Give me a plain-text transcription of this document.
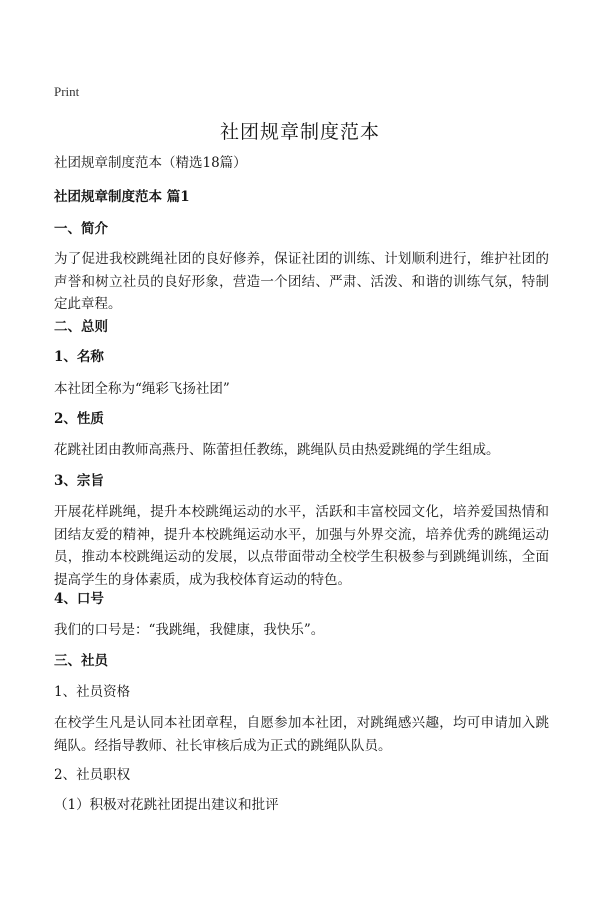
Print
社团规章制度范本
社团规章制度范本（精选18篇）
社团规章制度范本 篇1
一、简介
为了促进我校跳绳社团的良好修养，保证社团的训练、计划顺利进行，维护社团的声誉和树立社员的良好形象，营造一个团结、严肃、活泼、和谐的训练气氛，特制定此章程。
二、总则
1、名称
本社团全称为“绳彩飞扬社团”
2、性质
花跳社团由教师高燕丹、陈蕾担任教练，跳绳队员由热爱跳绳的学生组成。
3、宗旨
开展花样跳绳，提升本校跳绳运动的水平，活跃和丰富校园文化，培养爱国热情和团结友爱的精神，提升本校跳绳运动水平，加强与外界交流，培养优秀的跳绳运动员，推动本校跳绳运动的发展，以点带面带动全校学生积极参与到跳绳训练，全面提高学生的身体素质，成为我校体育运动的特色。
4、口号
我们的口号是：“我跳绳，我健康，我快乐”。
三、社员
1、社员资格
在校学生凡是认同本社团章程，自愿参加本社团，对跳绳感兴趣，均可申请加入跳绳队。经指导教师、社长审核后成为正式的跳绳队队员。
2、社员职权
（1）积极对花跳社团提出建议和批评
